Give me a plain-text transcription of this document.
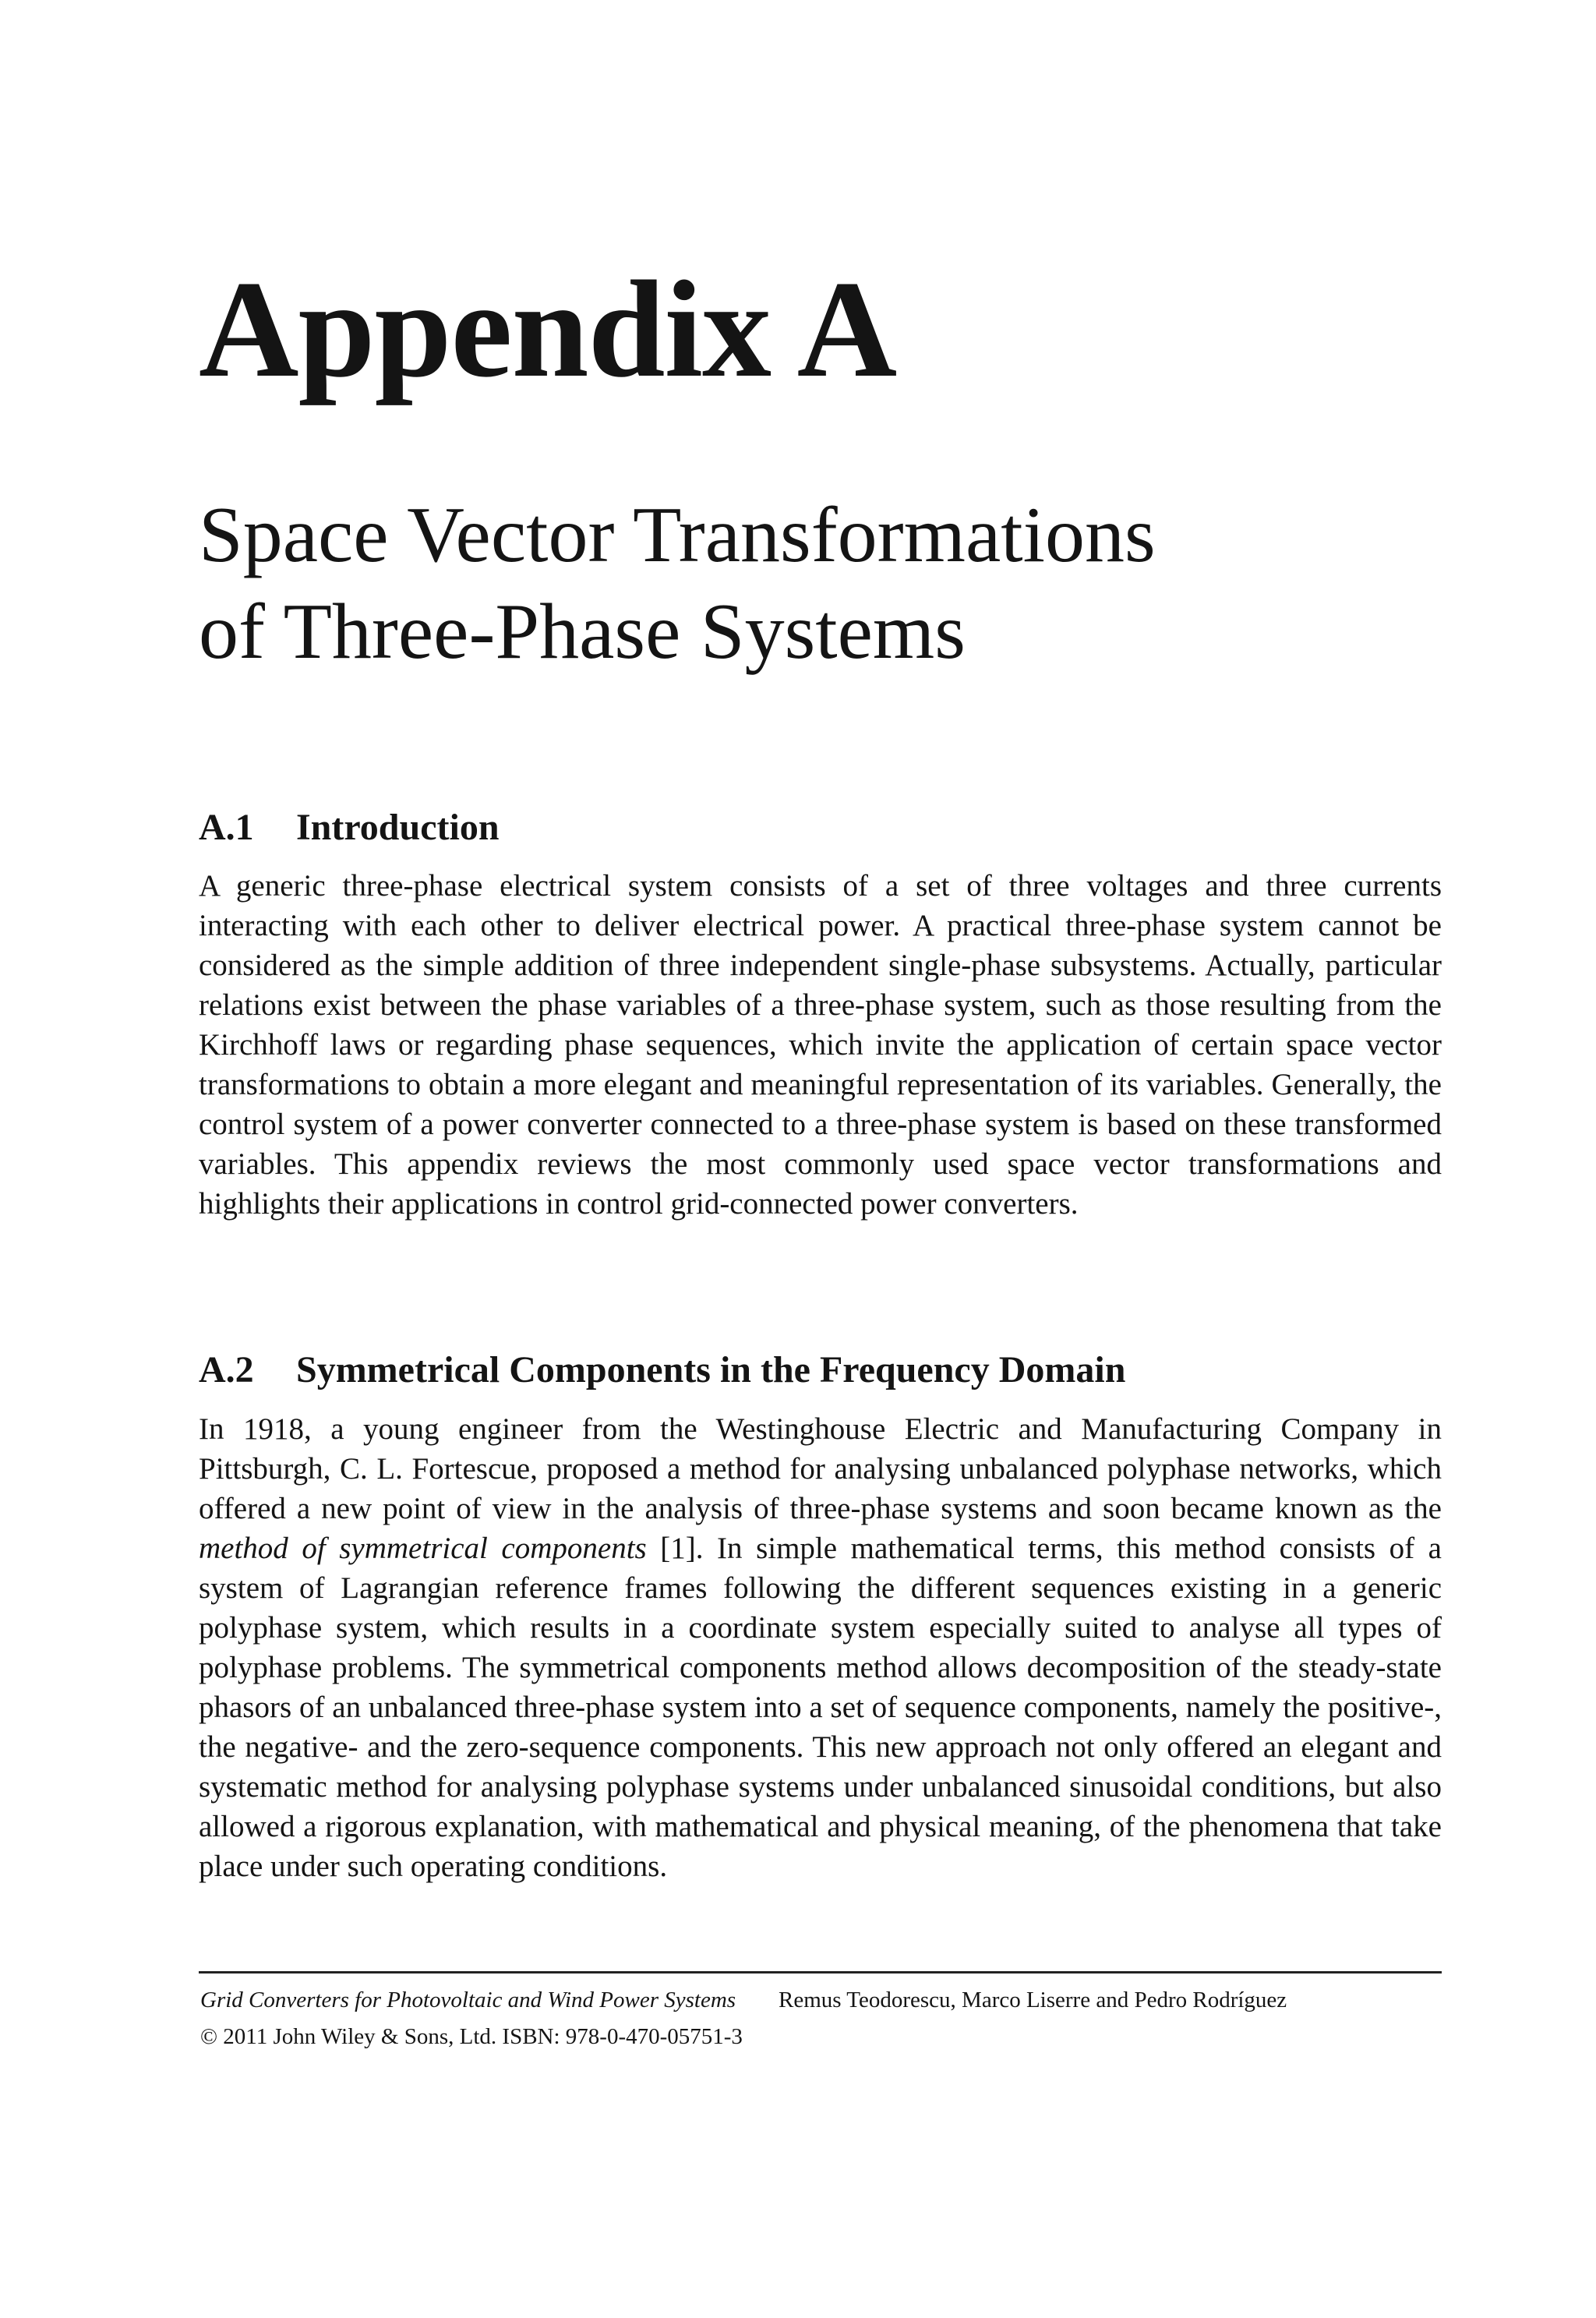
Appendix A
Space Vector Transformations
of Three-Phase Systems
A.1 Introduction

A generic three-phase electrical system consists of a set of three voltages and three currents interacting with each other to deliver electrical power. A practical three-phase system cannot be considered as the simple addition of three independent single-phase subsystems. Actually, particular relations exist between the phase variables of a three-phase system, such as those resulting from the Kirchhoff laws or regarding phase sequences, which invite the application of certain space vector transformations to obtain a more elegant and meaningful representation of its variables. Generally, the control system of a power converter connected to a three-phase system is based on these transformed variables. This appendix reviews the most commonly used space vector transformations and highlights their applications in control grid-connected power converters.

A.2 Symmetrical Components in the Frequency Domain

In 1918, a young engineer from the Westinghouse Electric and Manufacturing Company in Pittsburgh, C. L. Fortescue, proposed a method for analysing unbalanced polyphase networks, which offered a new point of view in the analysis of three-phase systems and soon became known as the method of symmetrical components [1]. In simple mathematical terms, this method consists of a system of Lagrangian reference frames following the different sequences existing in a generic polyphase system, which results in a coordinate system especially suited to analyse all types of polyphase problems. The symmetrical components method allows decomposition of the steady-state phasors of an unbalanced three-phase system into a set of sequence components, namely the positive-, the negative- and the zero-sequence components. This new approach not only offered an elegant and systematic method for analysing polyphase systems under unbalanced sinusoidal conditions, but also allowed a rigorous explanation, with mathematical and physical meaning, of the phenomena that take place under such operating conditions.

Grid Converters for Photovoltaic and Wind Power Systems Remus Teodorescu, Marco Liserre and Pedro Rodríguez

© 2011 John Wiley & Sons, Ltd. ISBN: 978-0-470-05751-3
